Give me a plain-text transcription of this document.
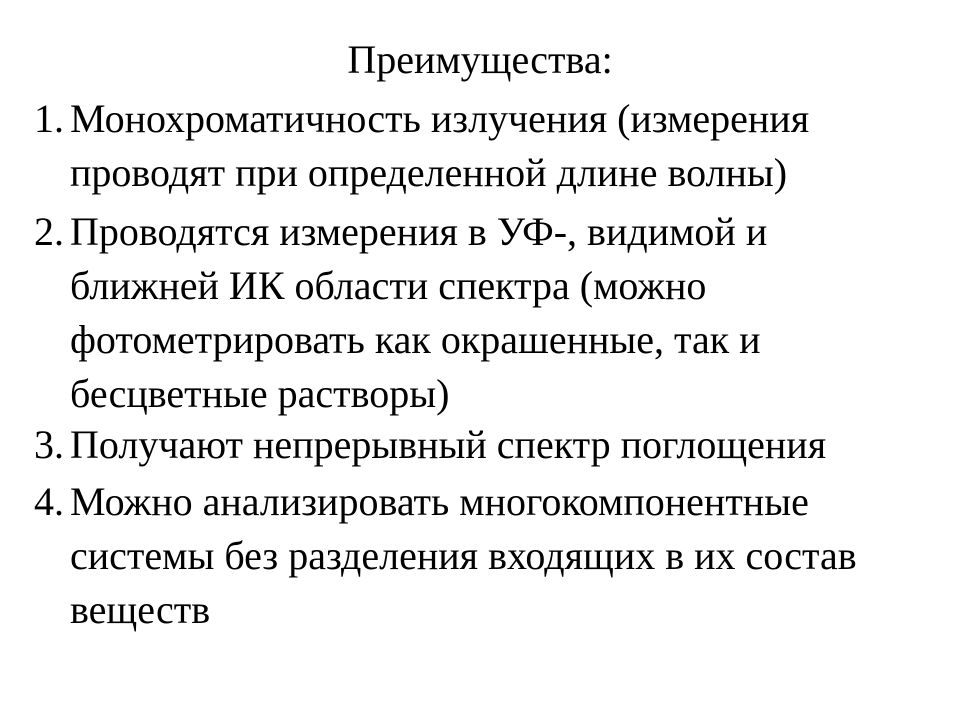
Преимущества:
1. Монохроматичность излучения (измерения
проводят при определенной длине волны)
2. Проводятся измерения в УФ-, видимой и
ближней ИК области спектра (можно
фотометрировать как окрашенные, так и
бесцветные растворы)
3. Получают непрерывный спектр поглощения
4. Можно анализировать многокомпонентные
системы без разделения входящих в их состав
веществ
